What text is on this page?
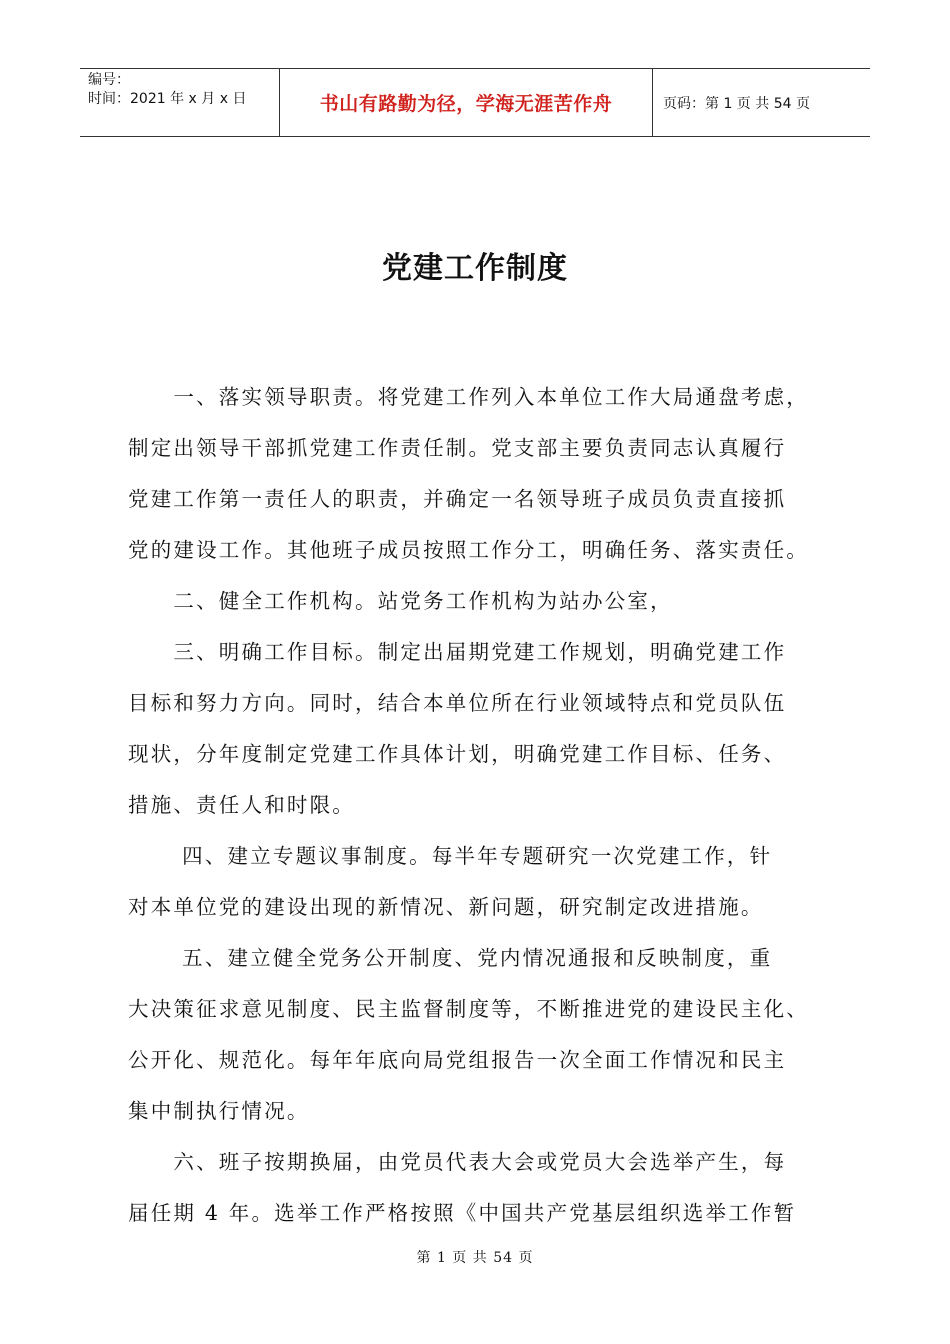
编号：
时间：2021 年 x 月 x 日	书山有路勤为径，学海无涯苦作舟	页码：第 1 页 共 54 页
党建工作制度
　　一、落实领导职责。将党建工作列入本单位工作大局通盘考虑，
制定出领导干部抓党建工作责任制。党支部主要负责同志认真履行
党建工作第一责任人的职责，并确定一名领导班子成员负责直接抓
党的建设工作。其他班子成员按照工作分工，明确任务、落实责任。
　　二、健全工作机构。站党务工作机构为站办公室，
　　三、明确工作目标。制定出届期党建工作规划，明确党建工作
目标和努力方向。同时，结合本单位所在行业领域特点和党员队伍
现状，分年度制定党建工作具体计划，明确党建工作目标、任务、
措施、责任人和时限。
　　 四、建立专题议事制度。每半年专题研究一次党建工作，针
对本单位党的建设出现的新情况、新问题，研究制定改进措施。
　　 五、建立健全党务公开制度、党内情况通报和反映制度，重
大决策征求意见制度、民主监督制度等，不断推进党的建设民主化、
公开化、规范化。每年年底向局党组报告一次全面工作情况和民主
集中制执行情况。
　　六、班子按期换届，由党员代表大会或党员大会选举产生，每
届任期 4 年。选举工作严格按照《中国共产党基层组织选举工作暂
第 1 页 共 54 页
